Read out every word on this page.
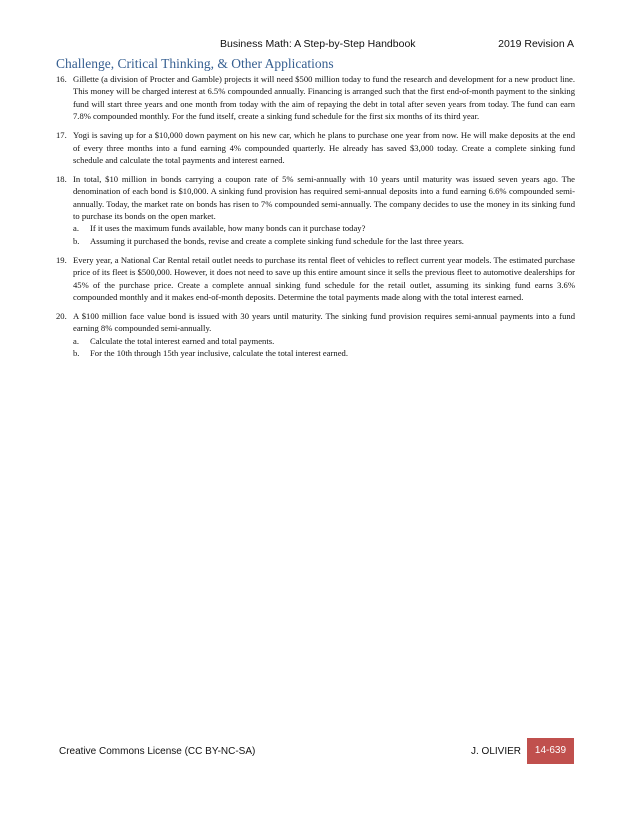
Business Math: A Step-by-Step Handbook	2019 Revision A
Challenge, Critical Thinking, & Other Applications
16. Gillette (a division of Procter and Gamble) projects it will need $500 million today to fund the research and development for a new product line. This money will be charged interest at 6.5% compounded annually. Financing is arranged such that the first end-of-month payment to the sinking fund will start three years and one month from today with the aim of repaying the debt in total after seven years from today. The fund can earn 7.8% compounded monthly. For the fund itself, create a sinking fund schedule for the first six months of its third year.
17. Yogi is saving up for a $10,000 down payment on his new car, which he plans to purchase one year from now. He will make deposits at the end of every three months into a fund earning 4% compounded quarterly. He already has saved $3,000 today. Create a complete sinking fund schedule and calculate the total payments and interest earned.
18. In total, $10 million in bonds carrying a coupon rate of 5% semi-annually with 10 years until maturity was issued seven years ago. The denomination of each bond is $10,000. A sinking fund provision has required semi-annual deposits into a fund earning 6.6% compounded semi-annually. Today, the market rate on bonds has risen to 7% compounded semi-annually. The company decides to use the money in its sinking fund to purchase its bonds on the open market.
a. If it uses the maximum funds available, how many bonds can it purchase today?
b. Assuming it purchased the bonds, revise and create a complete sinking fund schedule for the last three years.
19. Every year, a National Car Rental retail outlet needs to purchase its rental fleet of vehicles to reflect current year models. The estimated purchase price of its fleet is $500,000. However, it does not need to save up this entire amount since it sells the previous fleet to automotive dealerships for 45% of the purchase price. Create a complete annual sinking fund schedule for the retail outlet, assuming its sinking fund earns 3.6% compounded monthly and it makes end-of-month deposits. Determine the total payments made along with the total interest earned.
20. A $100 million face value bond is issued with 30 years until maturity. The sinking fund provision requires semi-annual payments into a fund earning 8% compounded semi-annually.
a. Calculate the total interest earned and total payments.
b. For the 10th through 15th year inclusive, calculate the total interest earned.
Creative Commons License (CC BY-NC-SA)	J. OLIVIER	14-639
